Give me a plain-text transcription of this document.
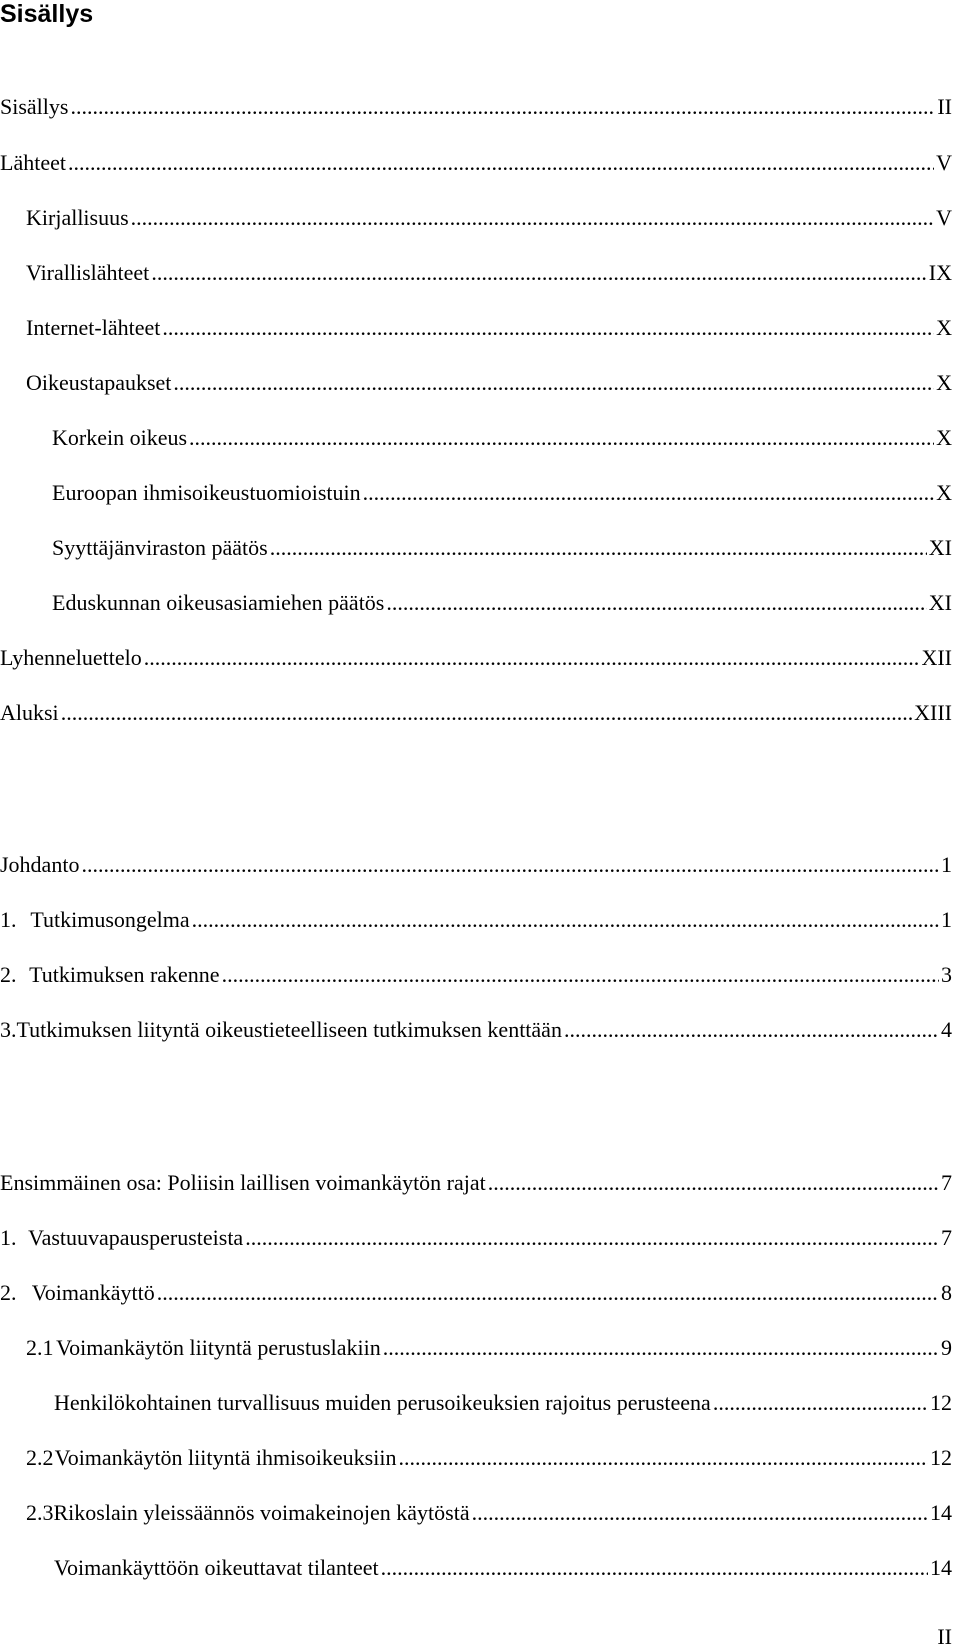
Sisällys
Sisällys .....	II
Lähteet .....	V
Kirjallisuus .....	V
Virallislähteet .....	IX
Internet-lähteet .....	X
Oikeustapaukset .....	X
Korkein oikeus .....	X
Euroopan ihmisoikeustuomioistuin .....	X
Syyttäjänviraston päätös .....	XI
Eduskunnan oikeusasiamiehen päätös .....	XI
Lyhenneluettelo .....	XII
Aluksi .....	XIII
Johdanto .....	1
1. Tutkimusongelma .....	1
2. Tutkimuksen rakenne .....	3
3. Tutkimuksen liityntä oikeustieteelliseen tutkimuksen kenttään .....	4
Ensimmäinen osa: Poliisin laillisen voimankäytön rajat .....	7
1. Vastuuvapausperusteista .....	7
2. Voimankäyttö .....	8
2.1 Voimankäytön liityntä perustuslakiin .....	9
Henkilökohtainen turvallisuus muiden perusoikeuksien rajoitus perusteena .....	12
2.2 Voimankäytön liityntä ihmisoikeuksiin .....	12
2.3 Rikoslain yleissäännös voimakeinojen käytöstä .....	14
Voimankäyttöön oikeuttavat tilanteet .....	14
II
